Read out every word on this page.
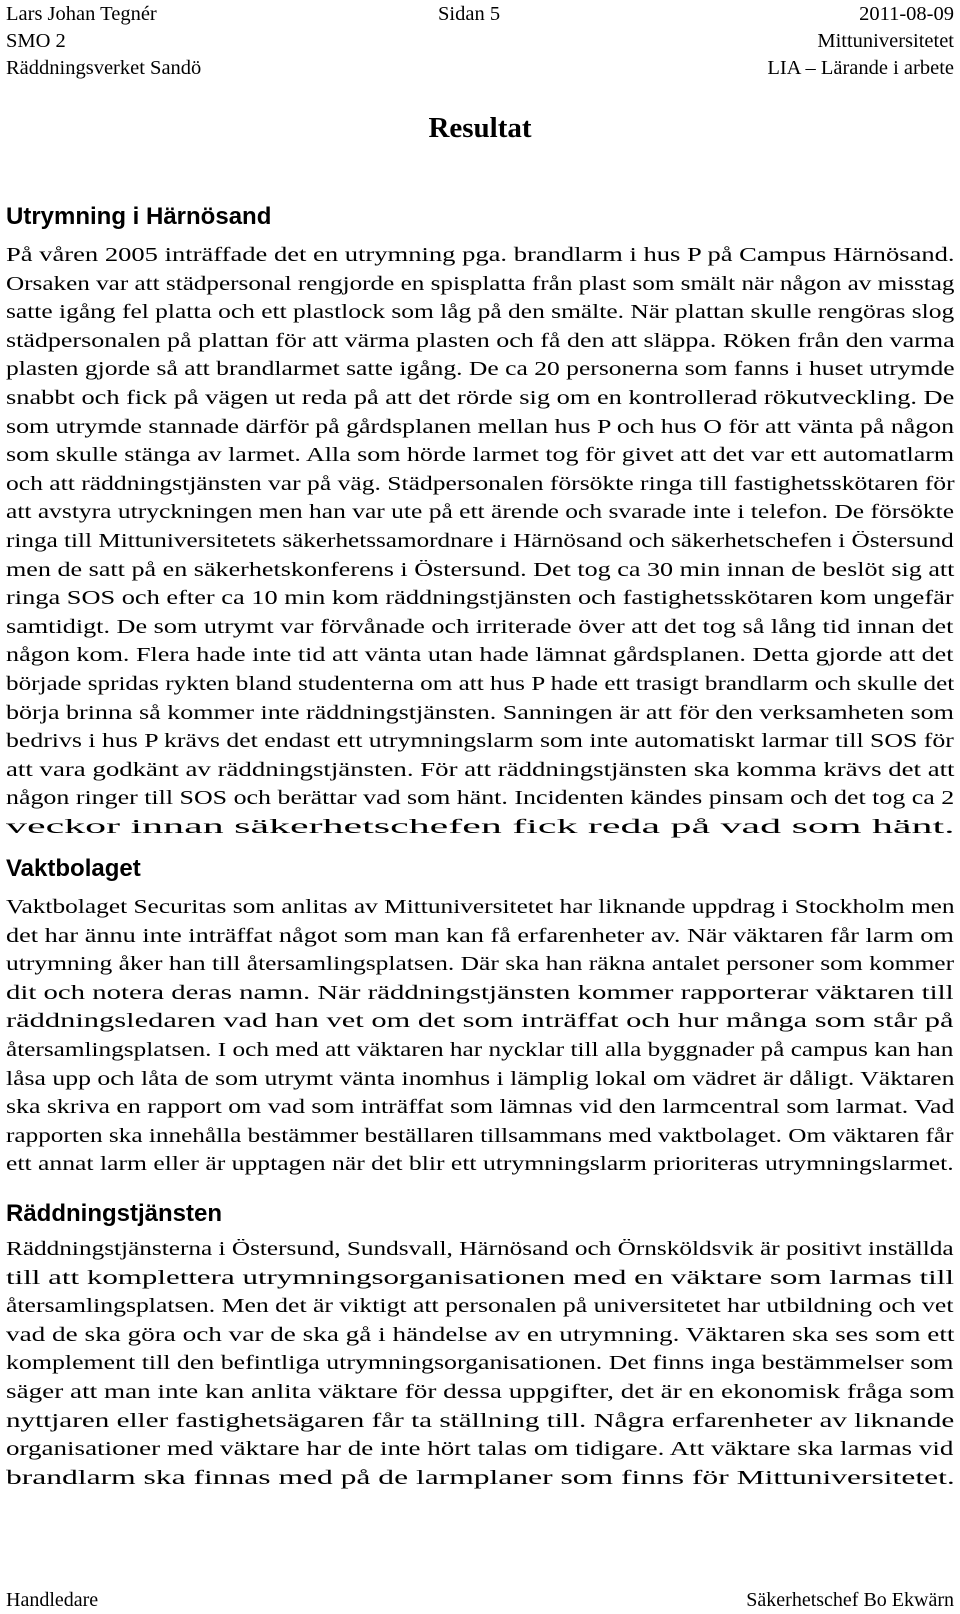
Lars Johan Tegnér	Sidan 5	2011-08-09
SMO 2	Mittuniversitetet
Räddningsverket Sandö	LIA – Lärande i arbete
Resultat
Utrymning i Härnösand

På våren 2005 inträffade det en utrymning pga. brandlarm i hus P på Campus Härnösand.

Orsaken var att städpersonal rengjorde en spisplatta från plast som smält när någon av misstag

satte igång fel platta och ett plastlock som låg på den smälte. När plattan skulle rengöras slog

städpersonalen på plattan för att värma plasten och få den att släppa. Röken från den varma

plasten gjorde så att brandlarmet satte igång. De ca 20 personerna som fanns i huset utrymde

snabbt och fick på vägen ut reda på att det rörde sig om en kontrollerad rökutveckling. De

som utrymde stannade därför på gårdsplanen mellan hus P och hus O för att vänta på någon

som skulle stänga av larmet. Alla som hörde larmet tog för givet att det var ett automatlarm

och att räddningstjänsten var på väg. Städpersonalen försökte ringa till fastighetsskötaren för

att avstyra utryckningen men han var ute på ett ärende och svarade inte i telefon. De försökte

ringa till Mittuniversitetets säkerhetssamordnare i Härnösand och säkerhetschefen i Östersund

men de satt på en säkerhetskonferens i Östersund. Det tog ca 30 min innan de beslöt sig att

ringa SOS och efter ca 10 min kom räddningstjänsten och fastighetsskötaren kom ungefär

samtidigt. De som utrymt var förvånade och irriterade över att det tog så lång tid innan det

någon kom. Flera hade inte tid att vänta utan hade lämnat gårdsplanen. Detta gjorde att det

började spridas rykten bland studenterna om att hus P hade ett trasigt brandlarm och skulle det

börja brinna så kommer inte räddningstjänsten. Sanningen är att för den verksamheten som

bedrivs i hus P krävs det endast ett utrymningslarm som inte automatiskt larmar till SOS för

att vara godkänt av räddningstjänsten. För att räddningstjänsten ska komma krävs det att

någon ringer till SOS och berättar vad som hänt. Incidenten kändes pinsam och det tog ca 2

veckor innan säkerhetschefen fick reda på vad som hänt.

Vaktbolaget

Vaktbolaget Securitas som anlitas av Mittuniversitetet har liknande uppdrag i Stockholm men

det har ännu inte inträffat något som man kan få erfarenheter av. När väktaren får larm om

utrymning åker han till återsamlingsplatsen. Där ska han räkna antalet personer som kommer

dit och notera deras namn. När räddningstjänsten kommer rapporterar väktaren till

räddningsledaren vad han vet om det som inträffat och hur många som står på

återsamlingsplatsen. I och med att väktaren har nycklar till alla byggnader på campus kan han

låsa upp och låta de som utrymt vänta inomhus i lämplig lokal om vädret är dåligt. Väktaren

ska skriva en rapport om vad som inträffat som lämnas vid den larmcentral som larmat. Vad

rapporten ska innehålla bestämmer beställaren tillsammans med vaktbolaget. Om väktaren får

ett annat larm eller är upptagen när det blir ett utrymningslarm prioriteras utrymningslarmet.

Räddningstjänsten

Räddningstjänsterna i Östersund, Sundsvall, Härnösand och Örnsköldsvik är positivt inställda

till att komplettera utrymningsorganisationen med en väktare som larmas till

återsamlingsplatsen. Men det är viktigt att personalen på universitetet har utbildning och vet

vad de ska göra och var de ska gå i händelse av en utrymning. Väktaren ska ses som ett

komplement till den befintliga utrymningsorganisationen. Det finns inga bestämmelser som

säger att man inte kan anlita väktare för dessa uppgifter, det är en ekonomisk fråga som

nyttjaren eller fastighetsägaren får ta ställning till. Några erfarenheter av liknande

organisationer med väktare har de inte hört talas om tidigare. Att väktare ska larmas vid

brandlarm ska finnas med på de larmplaner som finns för Mittuniversitetet.

Handledare	Säkerhetschef Bo Ekwärn
